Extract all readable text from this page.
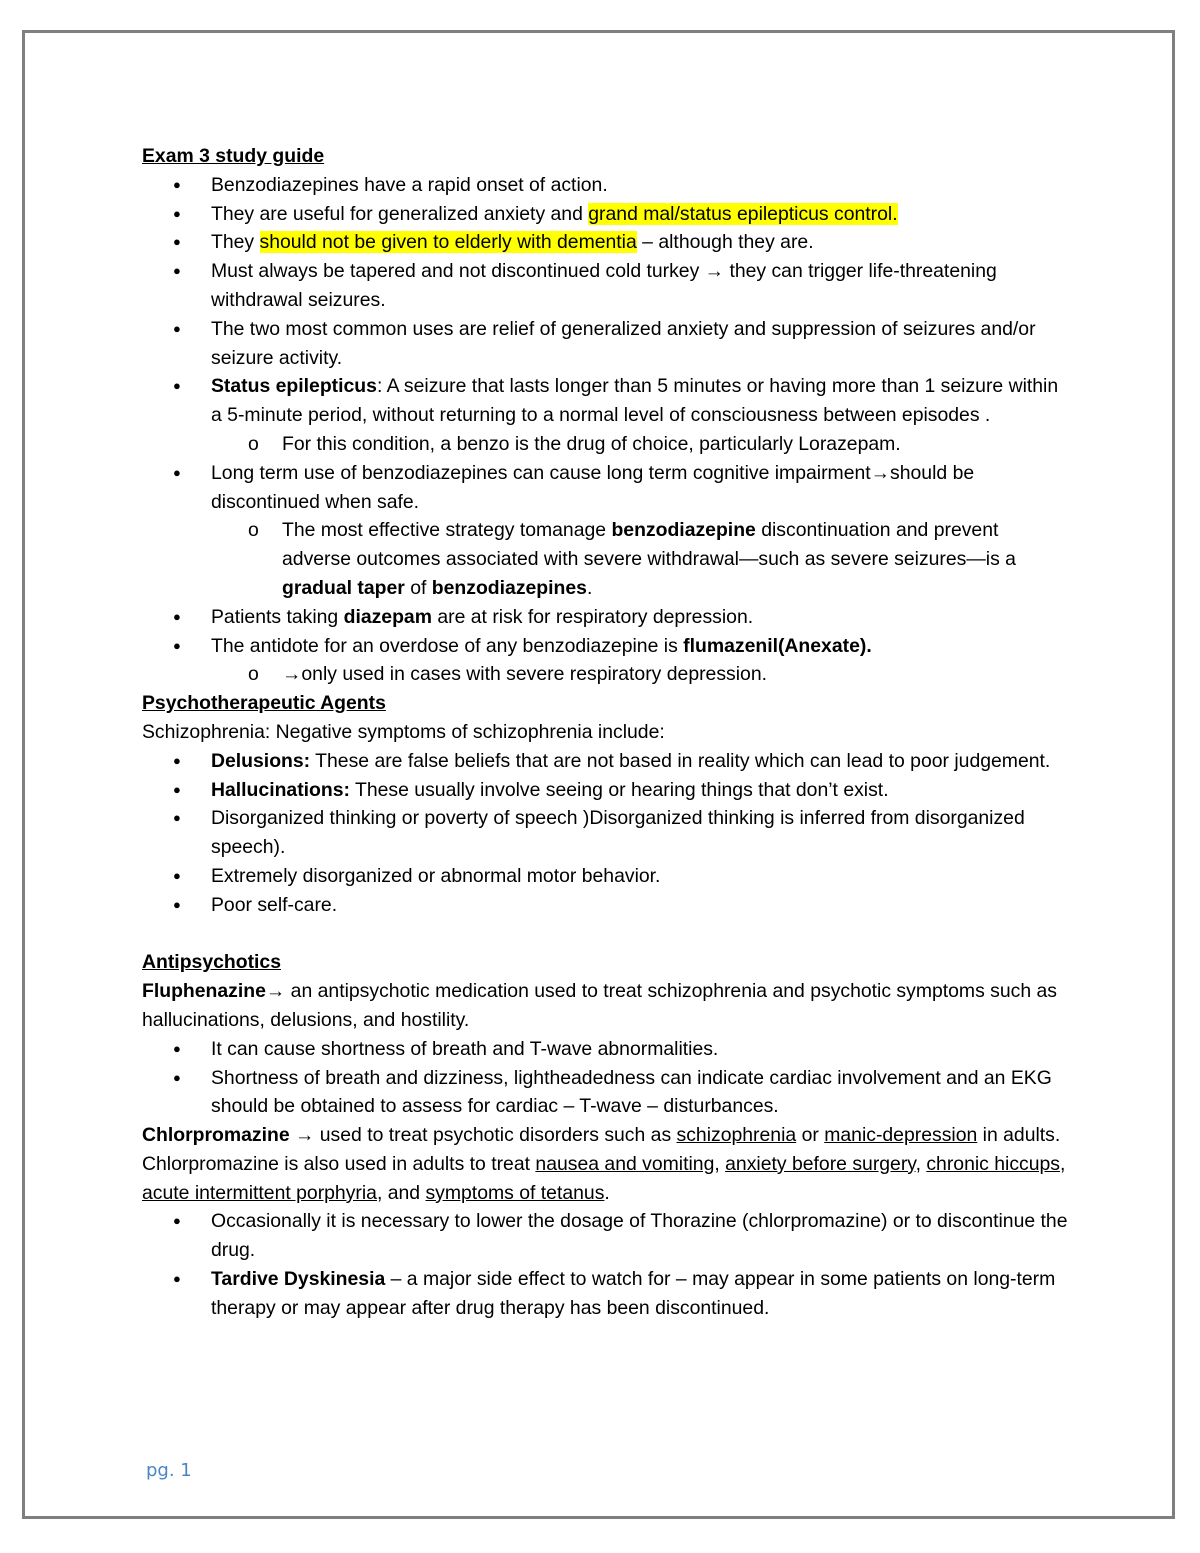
Exam 3 study guide
● Benzodiazepines have a rapid onset of action.
● They are useful for generalized anxiety and grand mal/status epilepticus control.
● They should not be given to elderly with dementia – although they are.
● Must always be tapered and not discontinued cold turkey → they can trigger life-threatening withdrawal seizures.
● The two most common uses are relief of generalized anxiety and suppression of seizures and/or seizure activity.
● Status epilepticus: A seizure that lasts longer than 5 minutes or having more than 1 seizure within a 5-minute period, without returning to a normal level of consciousness between episodes .
o For this condition, a benzo is the drug of choice, particularly Lorazepam.
● Long term use of benzodiazepines can cause long term cognitive impairment→should be discontinued when safe.
o The most effective strategy tomanage benzodiazepine discontinuation and prevent adverse outcomes associated with severe withdrawal—such as severe seizures—is a gradual taper of benzodiazepines.
● Patients taking diazepam are at risk for respiratory depression.
● The antidote for an overdose of any benzodiazepine is flumazenil(Anexate).
o →only used in cases with severe respiratory depression.
Psychotherapeutic Agents
Schizophrenia: Negative symptoms of schizophrenia include:
● Delusions: These are false beliefs that are not based in reality which can lead to poor judgement.
● Hallucinations: These usually involve seeing or hearing things that don’t exist.
● Disorganized thinking or poverty of speech )Disorganized thinking is inferred from disorganized speech).
● Extremely disorganized or abnormal motor behavior.
● Poor self-care.
Antipsychotics
Fluphenazine→ an antipsychotic medication used to treat schizophrenia and psychotic symptoms such as hallucinations, delusions, and hostility.
● It can cause shortness of breath and T-wave abnormalities.
● Shortness of breath and dizziness, lightheadedness can indicate cardiac involvement and an EKG should be obtained to assess for cardiac – T-wave – disturbances.
Chlorpromazine → used to treat psychotic disorders such as schizophrenia or manic-depression in adults. Chlorpromazine is also used in adults to treat nausea and vomiting, anxiety before surgery, chronic hiccups, acute intermittent porphyria, and symptoms of tetanus.
● Occasionally it is necessary to lower the dosage of Thorazine (chlorpromazine) or to discontinue the drug.
● Tardive Dyskinesia – a major side effect to watch for – may appear in some patients on long-term therapy or may appear after drug therapy has been discontinued.
pg. 1
